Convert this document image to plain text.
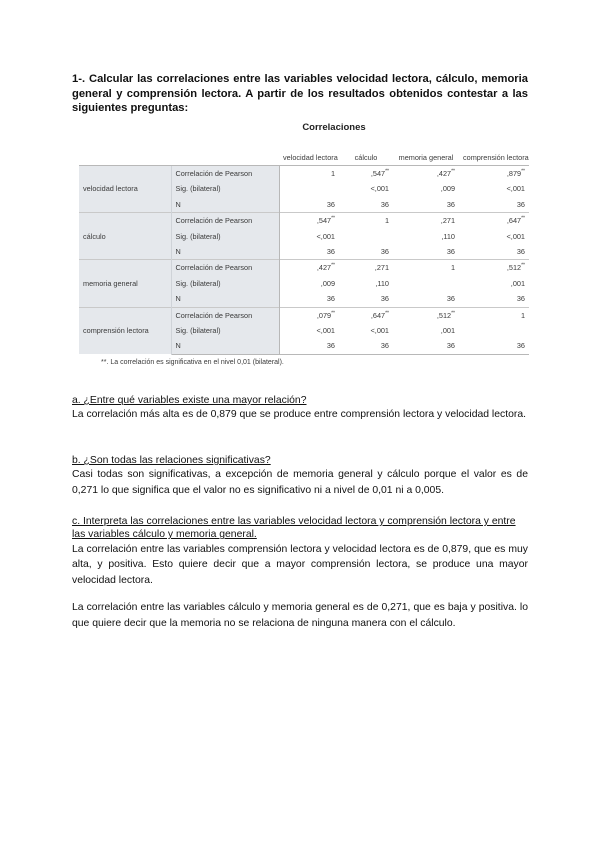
1-. Calcular las correlaciones entre las variables velocidad lectora, cálculo, memoria general y comprensión lectora. A partir de los resultados obtenidos contestar a las siguientes preguntas:

Correlaciones
		velocidad lectora	cálculo	memoria general	comprensión lectora
velocidad lectora	Correlación de Pearson	1	,547**	,427**	,879**
	Sig. (bilateral)		<,001	,009	<,001
	N	36	36	36	36
cálculo	Correlación de Pearson	,547**	1	,271	,647**
	Sig. (bilateral)	<,001		,110	<,001
	N	36	36	36	36
memoria general	Correlación de Pearson	,427**	,271	1	,512**
	Sig. (bilateral)	,009	,110		,001
	N	36	36	36	36
comprensión lectora	Correlación de Pearson	,079**	,647**	,512**	1
	Sig. (bilateral)	<,001	<,001	,001	
	N	36	36	36	36
**. La correlación es significativa en el nivel 0,01 (bilateral).

a. ¿Entre qué variables existe una mayor relación?

La correlación más alta es de 0,879 que se produce entre comprensión lectora y velocidad lectora.

b. ¿Son todas las relaciones significativas?

Casi todas son significativas, a excepción de memoria general y cálculo porque el valor es de 0,271 lo que significa que el valor no es significativo ni a nivel de 0,01 ni a 0,005.

c. Interpreta las correlaciones entre las variables velocidad lectora y comprensión lectora y entre las variables cálculo y memoria general.

La correlación entre las variables comprensión lectora y velocidad lectora es de 0,879, que es muy alta, y positiva. Esto quiere decir que a mayor comprensión lectora, se produce una mayor velocidad lectora.

La correlación entre las variables cálculo y memoria general es de 0,271, que es baja y positiva. lo que quiere decir que la memoria no se relaciona de ninguna manera con el cálculo.
